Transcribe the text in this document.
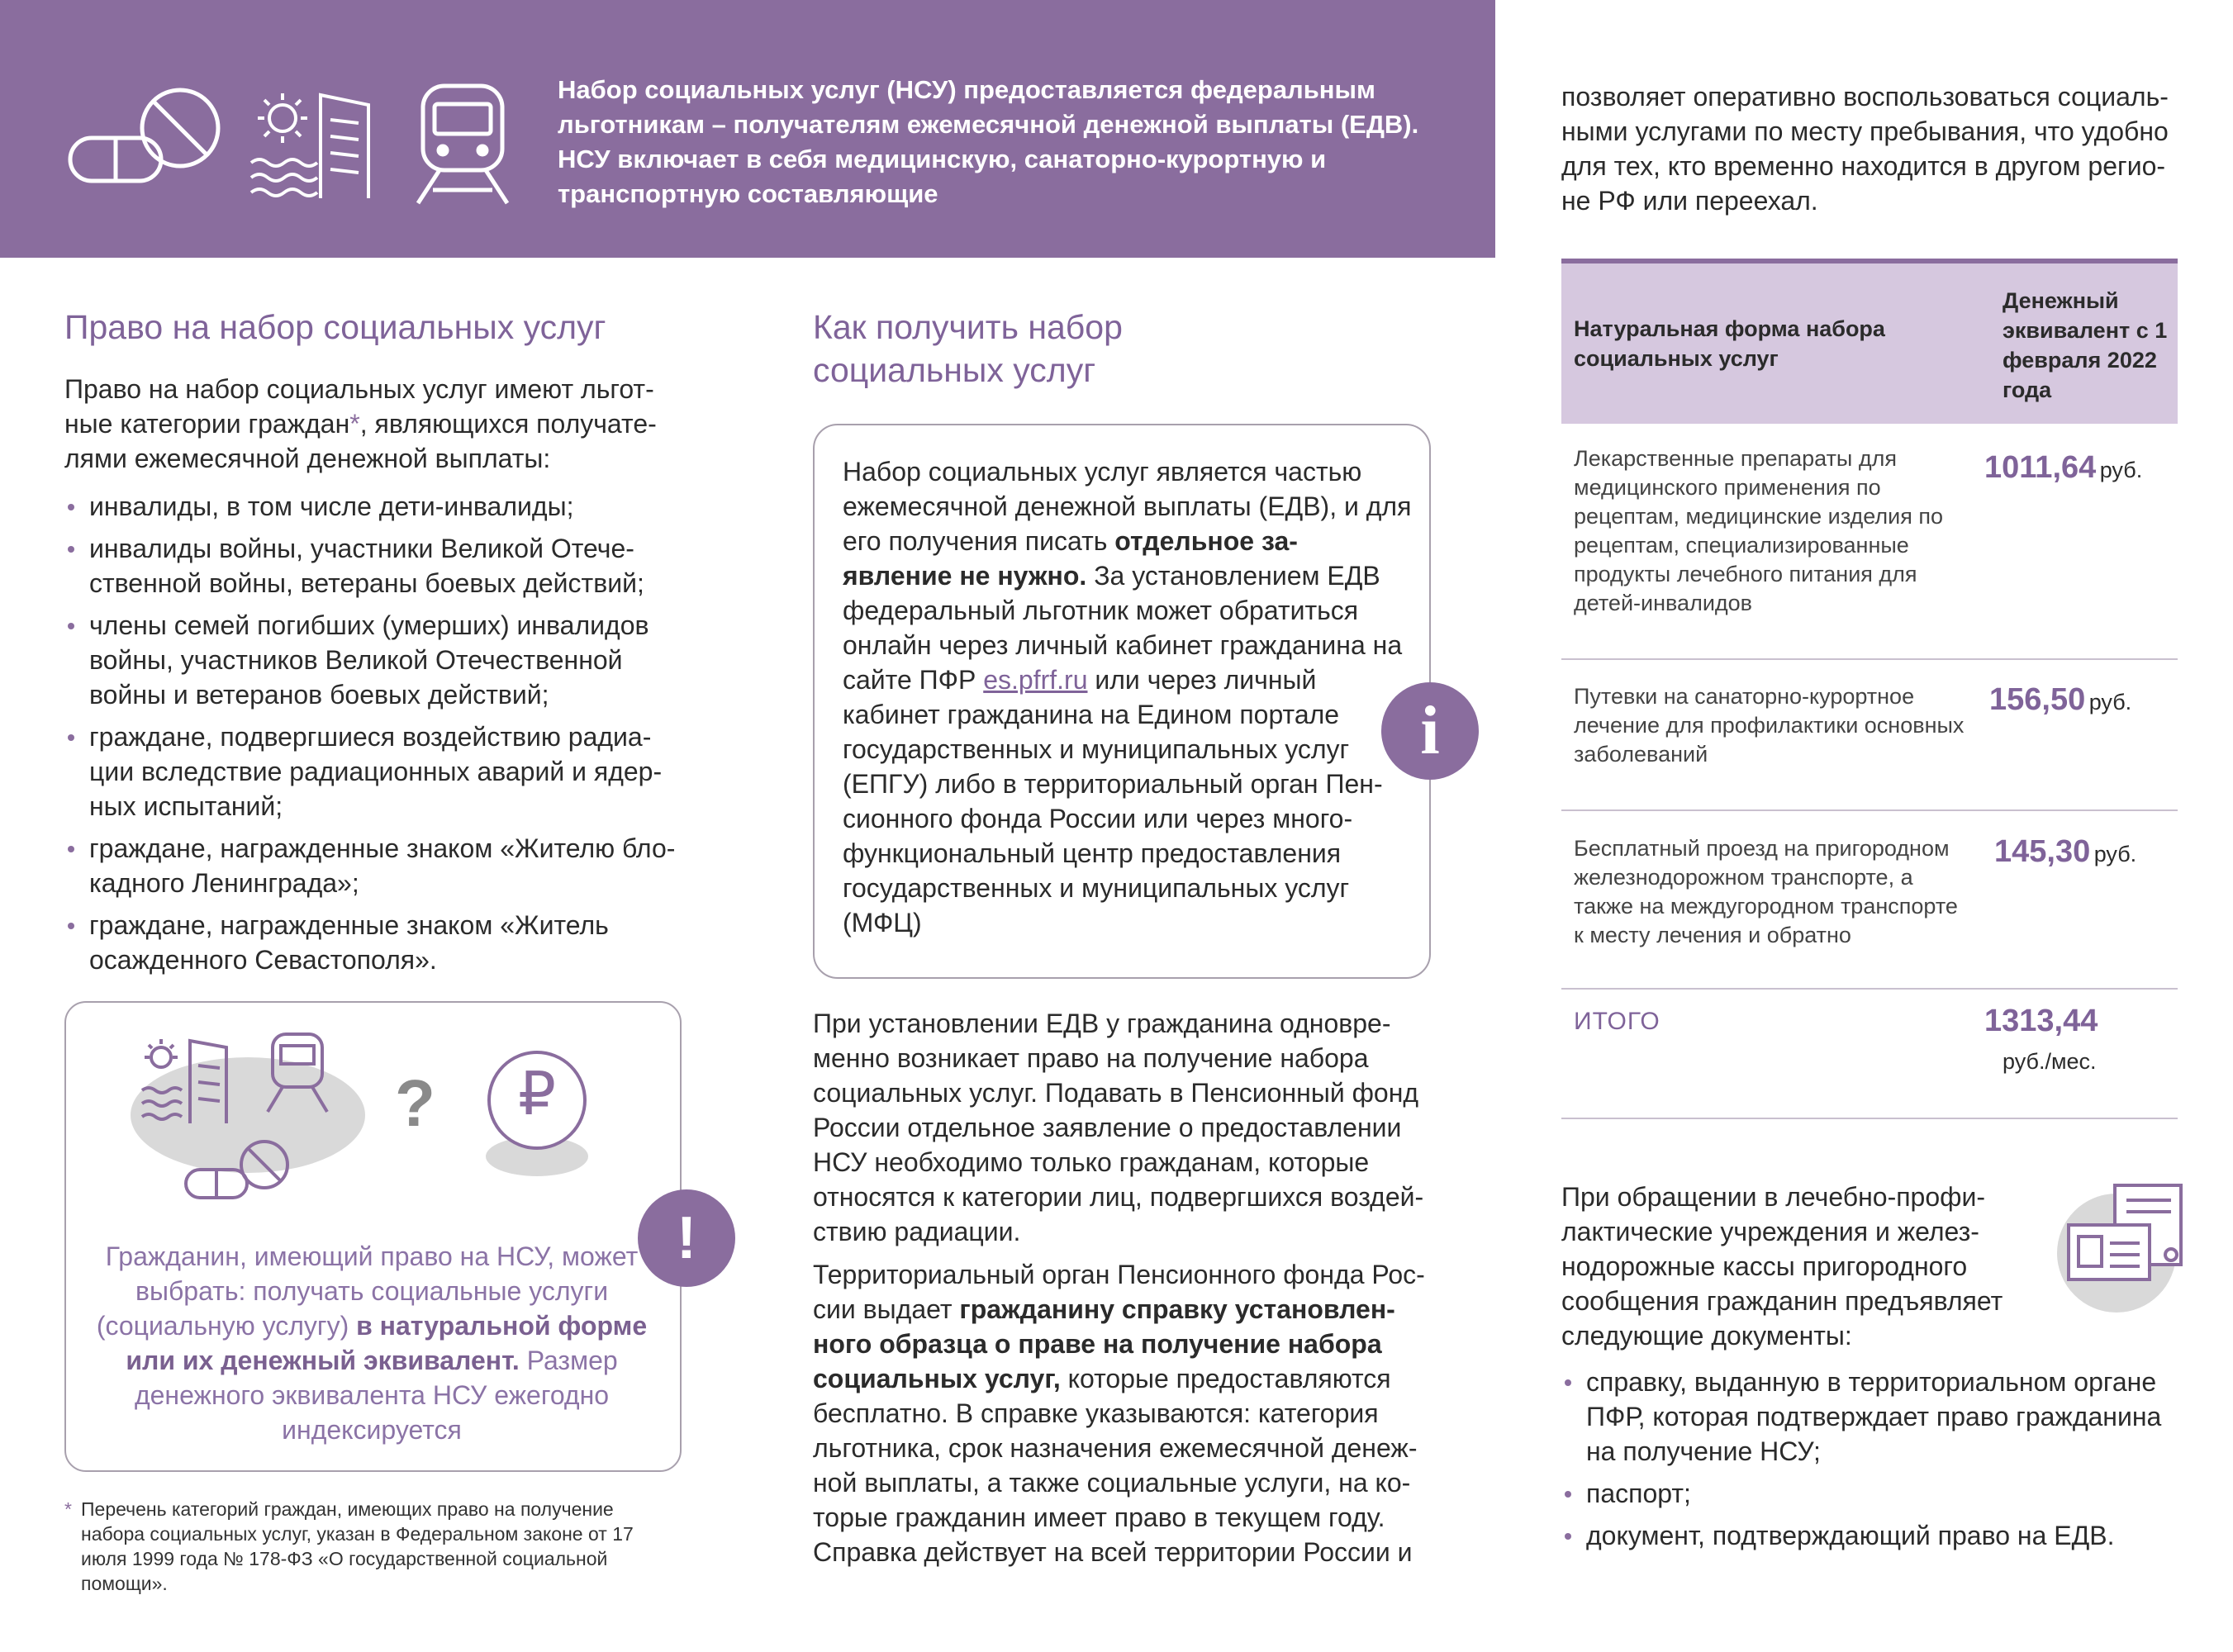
Набор социальных услуг (НСУ) предоставляется федеральным льготникам – получателям ежемесячной денежной выплаты (ЕДВ). НСУ включает в себя медицинскую, санаторно-курортную и транспортную составляющие
позволяет оперативно воспользоваться социаль- ными услугами по месту пребывания, что удобно для тех, кто временно находится в другом регио- не РФ или переехал.
Право на набор социальных услуг

Право на набор социальных услуг имеют льгот- ные категории граждан*, являющихся получате- лями ежемесячной денежной выплаты:

инвалиды, в том числе дети-инвалиды;
инвалиды войны, участники Великой Отече- ственной войны, ветераны боевых действий;
члены семей погибших (умерших) инвалидов войны, участников Великой Отечественной войны и ветеранов боевых действий;
граждане, подвергшиеся воздействию радиа- ции вследствие радиационных аварий и ядер- ных испытаний;
граждане, награжденные знаком «Жителю бло- кадного Ленинграда»;
граждане, награжденные знаком «Житель осажденного Севастополя».
? ₽
!
Гражданин, имеющий право на НСУ, может выбрать: получать социальные услуги (социальную услугу) в натуральной форме или их денежный эквивалент. Размер денежного эквивалента НСУ ежегодно индексируется
* Перечень категорий граждан, имеющих право на получение набора социальных услуг, указан в Федеральном законе от 17 июля 1999 года № 178-ФЗ «О государственной социальной помощи».
Как получить набор
социальных услуг
Набор социальных услуг является частью ежемесячной денежной выплаты (ЕДВ), и для его получения писать отдельное за- явление не нужно. За установлением ЕДВ федеральный льготник может обратиться онлайн через личный кабинет гражданина на сайте ПФР es.pfrf.ru или через личный кабинет гражданина на Едином портале государственных и муниципальных услуг (ЕПГУ) либо в территориальный орган Пен- сионного фонда России или через много- функциональный центр предоставления государственных и муниципальных услуг (МФЦ)
i

При установлении ЕДВ у гражданина одновре- менно возникает право на получение набора социальных услуг. Подавать в Пенсионный фонд России отдельное заявление о предоставлении НСУ необходимо только гражданам, которые относятся к категории лиц, подвергшихся воздей- ствию радиации.

Территориальный орган Пенсионного фонда Рос- сии выдает гражданину справку установлен- ного образца о праве на получение набора социальных услуг, которые предоставляются бесплатно. В справке указываются: категория льготника, срок назначения ежемесячной денеж- ной выплаты, а также социальные услуги, на ко- торые гражданин имеет право в текущем году. Справка действует на всей территории России и

Натуральная форма набора социальных услуг
Денежный эквивалент с 1 февраля 2022 года
Лекарственные препараты для медицинского применения по рецептам, медицинские изделия по рецептам, специализированные продукты лечебного питания для детей-инвалидов
1011,64 руб.
Путевки на санаторно-курортное лечение для профилактики основных заболеваний
156,50 руб.
Бесплатный проезд на пригородном железнодорожном транспорте, а также на междугородном транспорте к месту лечения и обратно
145,30 руб.
ИТОГО	1313,44
руб./мес.
При обращении в лечебно-профи- лактические учреждения и желез- нодорожные кассы пригородного сообщения гражданин предъявляет следующие документы:
справку, выданную в территориальном органе ПФР, которая подтверждает право гражданина на получение НСУ;
паспорт;
документ, подтверждающий право на ЕДВ.
